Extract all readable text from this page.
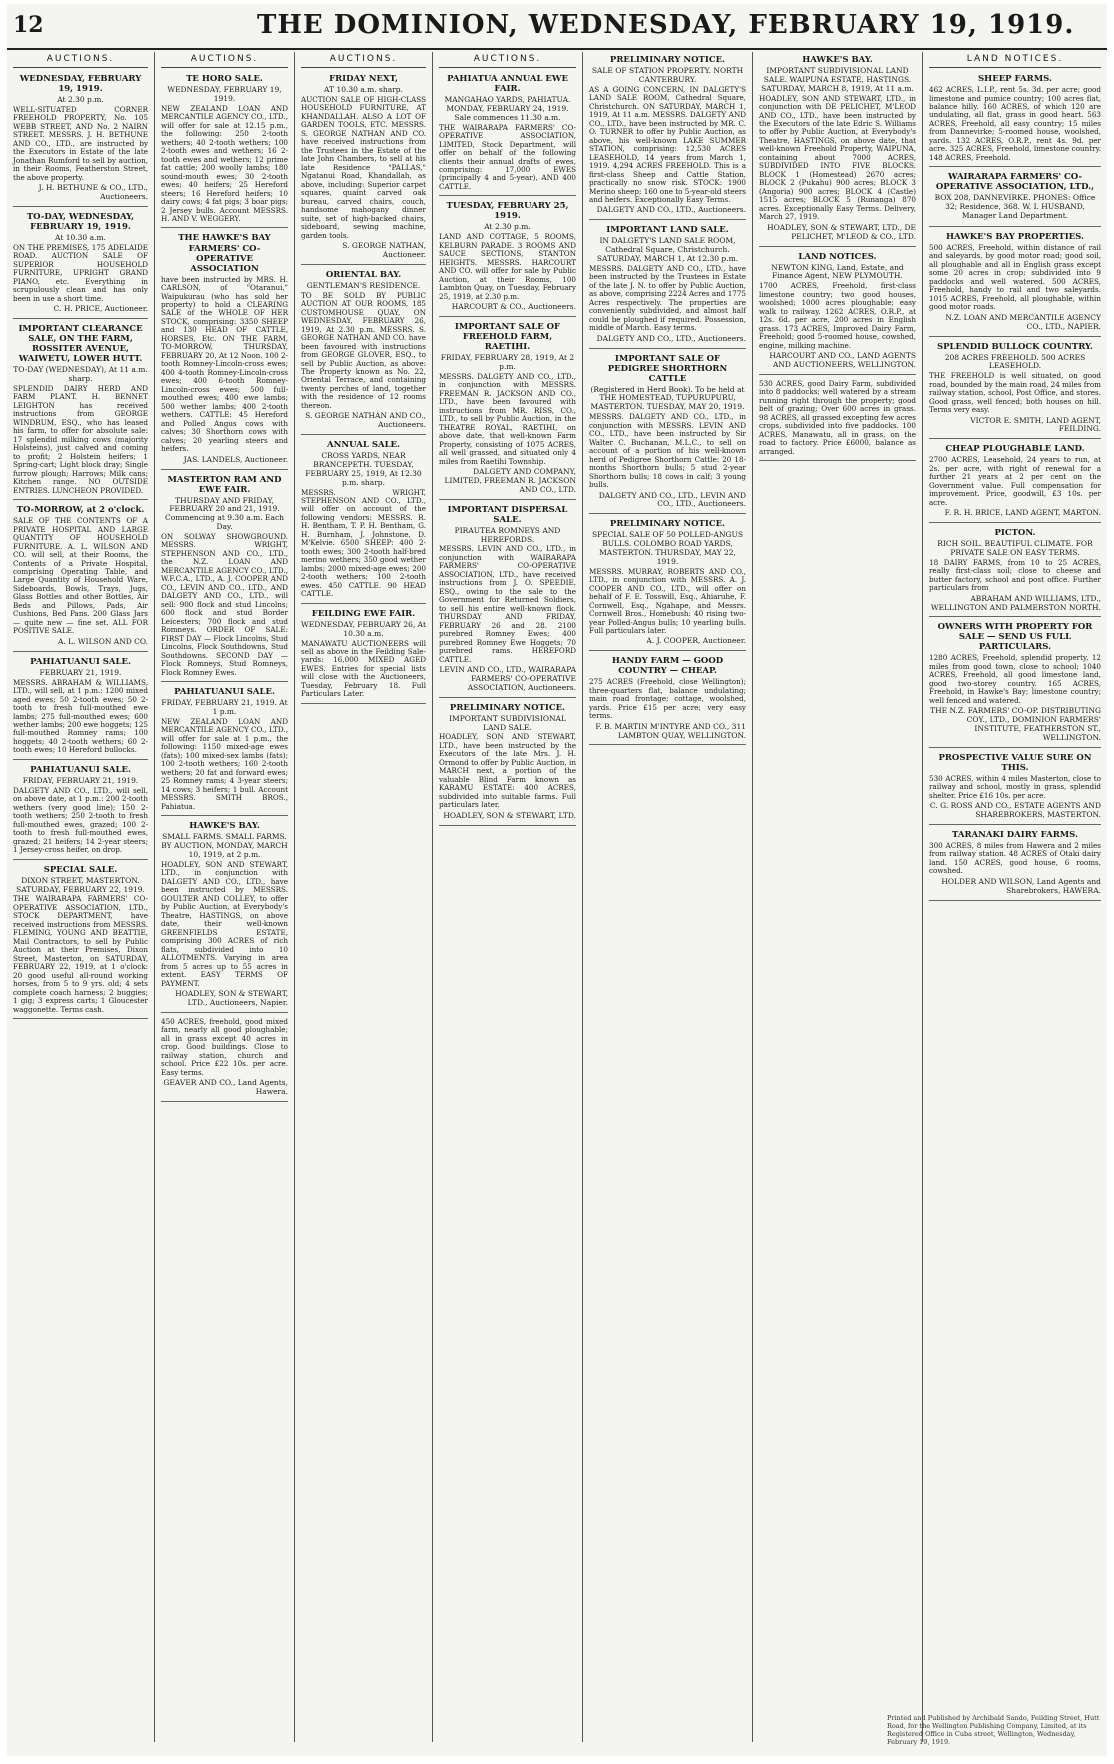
12	THE DOMINION, WEDNESDAY, FEBRUARY 19, 1919.
AUCTIONS.
WEDNESDAY, FEBRUARY 19, 1919.
At 2.30 p.m.
WELL-SITUATED CORNER FREEHOLD PROPERTY, No. 105 WEBB STREET, AND No. 2 NAIRN STREET. MESSRS. J. H. BETHUNE AND CO., LTD., are instructed by the Executors in Estate of the late Jonathan Rumford to sell by auction, in their Rooms, Featherston Street, the above property.
J. H. BETHUNE & CO., LTD., Auctioneers.
TO-DAY, WEDNESDAY, FEBRUARY 19, 1919.
At 10.30 a.m.
ON THE PREMISES, 175 ADELAIDE ROAD. AUCTION SALE OF SUPERIOR HOUSEHOLD FURNITURE, UPRIGHT GRAND PIANO, etc. Everything in scrupulously clean and has only been in use a short time.
C. H. PRICE, Auctioneer.
IMPORTANT CLEARANCE SALE, ON THE FARM, ROSSITER AVENUE, WAIWETU, LOWER HUTT.
TO-DAY (WEDNESDAY), At 11 a.m. sharp.
SPLENDID DAIRY HERD AND FARM PLANT. H. BENNET LEIGHTON has received instructions from GEORGE WINDRUM, ESQ., who has leased his farm, to offer for absolute sale: 17 splendid milking cows (majority Holsteins), just calved and coming to profit; 2 Holstein heifers; 1 Spring-cart; Light block dray; Single furrow plough; Harrows; Milk cans; Kitchen range. NO OUTSIDE ENTRIES. LUNCHEON PROVIDED.
TO-MORROW, at 2 o'clock.
SALE OF THE CONTENTS OF A PRIVATE HOSPITAL AND LARGE QUANTITY OF HOUSEHOLD FURNITURE. A. L. WILSON AND CO. will sell, at their Rooms, the Contents of a Private Hospital, comprising Operating Table, and Large Quantity of Household Ware, Sideboards, Bowls, Trays, Jugs, Glass Bottles and other Bottles, Air Beds and Pillows, Pads, Air Cushions, Bed Pans. 200 Glass Jars — quite new — fine set. ALL FOR POSITIVE SALE.
A. L. WILSON AND CO.
PAHIATUANUI SALE.
FEBRUARY 21, 1919.
MESSRS. ABRAHAM & WILLIAMS, LTD., will sell, at 1 p.m.: 1200 mixed aged ewes; 50 2-tooth ewes; 50 2-tooth to fresh full-mouthed ewe lambs; 275 full-mouthed ewes; 600 wether lambs; 200 ewe hoggets; 125 full-mouthed Romney rams; 100 hoggets; 40 2-tooth wethers; 60 2-tooth ewes; 10 Hereford bullocks.
PAHIATUANUI SALE.
FRIDAY, FEBRUARY 21, 1919.
DALGETY AND CO., LTD., will sell, on above date, at 1 p.m.: 200 2-tooth wethers (very good line); 150 2-tooth wethers; 250 2-tooth to fresh full-mouthed ewes, grazed; 100 2-tooth to fresh full-mouthed ewes, grazed; 21 heifers; 14 2-year steers; 1 Jersey-cross heifer, on drop.
SPECIAL SALE.
DIXON STREET, MASTERTON. SATURDAY, FEBRUARY 22, 1919.
THE WAIRARAPA FARMERS' CO-OPERATIVE ASSOCIATION, LTD., STOCK DEPARTMENT, have received instructions from MESSRS. FLEMING, YOUNG AND BEATTIE, Mail Contractors, to sell by Public Auction at their Premises, Dixon Street, Masterton, on SATURDAY, FEBRUARY 22, 1919, at 1 o'clock: 20 good useful all-round working horses, from 5 to 9 yrs. old; 4 sets complete coach harness; 2 buggies; 1 gig; 3 express carts; 1 Gloucester waggonette. Terms cash.
AUCTIONS.
TE HORO SALE.
WEDNESDAY, FEBRUARY 19, 1919.
NEW ZEALAND LOAN AND MERCANTILE AGENCY CO., LTD., will offer for sale at 12.15 p.m., the following: 250 2-tooth wethers; 40 2-tooth wethers; 100 2-tooth ewes and wethers; 16 2-tooth ewes and wethers; 12 prime fat cattle; 200 woolly lambs; 180 sound-mouth ewes; 30 2-tooth ewes; 40 heifers; 25 Hereford steers; 16 Hereford heifers; 10 dairy cows; 4 fat pigs; 3 boar pigs; 2 Jersey bulls. Account MESSRS. H. AND V. WEGGERY.
THE HAWKE'S BAY FARMERS' CO-OPERATIVE ASSOCIATION
have been instructed by MRS. H. CARLSON, of "Otaranui," Waipukurau (who has sold her property) to hold a CLEARING SALE of the WHOLE OF HER STOCK, comprising: 3350 SHEEP and 130 HEAD OF CATTLE, HORSES, Etc. ON THE FARM, TO-MORROW, THURSDAY, FEBRUARY 20, At 12 Noon. 100 2-tooth Romney-Lincoln-cross ewes; 400 4-tooth Romney-Lincoln-cross ewes; 400 6-tooth Romney-Lincoln-cross ewes; 500 full-mouthed ewes; 400 ewe lambs; 500 wether lambs; 400 2-tooth wethers. CATTLE: 45 Hereford and Polled Angus cows with calves; 30 Shorthorn cows with calves; 20 yearling steers and heifers.
JAS. LANDELS, Auctioneer.
MASTERTON RAM AND EWE FAIR.
THURSDAY AND FRIDAY, FEBRUARY 20 and 21, 1919. Commencing at 9.30 a.m. Each Day.
ON SOLWAY SHOWGROUND. MESSRS. WRIGHT, STEPHENSON AND CO., LTD., the N.Z. LOAN AND MERCANTILE AGENCY CO., LTD., W.F.C.A., LTD., A. J. COOPER AND CO., LEVIN AND CO., LTD., AND DALGETY AND CO., LTD., will sell: 900 flock and stud Lincolns; 600 flock and stud Border Leicesters; 700 flock and stud Romneys. ORDER OF SALE: FIRST DAY — Flock Lincolns, Stud Lincolns, Flock Southdowns, Stud Southdowns. SECOND DAY — Flock Romneys, Stud Romneys, Flock Romney Ewes.
PAHIATUANUI SALE.
FRIDAY, FEBRUARY 21, 1919. At 1 p.m.
NEW ZEALAND LOAN AND MERCANTILE AGENCY CO., LTD., will offer for sale at 1 p.m., the following: 1150 mixed-age ewes (fats); 100 mixed-sex lambs (fats); 100 2-tooth wethers; 160 2-tooth wethers; 20 fat and forward ewes; 25 Romney rams; 4 3-year steers; 14 cows; 3 heifers; 1 bull. Account MESSRS. SMITH BROS., Pahiatua.
HAWKE'S BAY.
SMALL FARMS. SMALL FARMS. BY AUCTION, MONDAY, MARCH 10, 1919, at 2 p.m.
HOADLEY, SON AND STEWART, LTD., in conjunction with DALGETY AND CO., LTD., have been instructed by MESSRS. GOULTER AND COLLEY, to offer by Public Auction, at Everybody's Theatre, HASTINGS, on above date, their well-known GREENFIELDS ESTATE, comprising 300 ACRES of rich flats, subdivided into 10 ALLOTMENTS. Varying in area from 5 acres up to 55 acres in extent. EASY TERMS OF PAYMENT.
HOADLEY, SON & STEWART, LTD., Auctioneers, Napier.
450 ACRES, freehold, good mixed farm, nearly all good ploughable; all in grass except 40 acres in crop. Good buildings. Close to railway station, church and school. Price £22 10s. per acre. Easy terms.
GEAVER AND CO., Land Agents, Hawera.
AUCTIONS.
FRIDAY NEXT,
AT 10.30 a.m. sharp.
AUCTION SALE OF HIGH-CLASS HOUSEHOLD FURNITURE, AT KHANDALLAH. ALSO A LOT OF GARDEN TOOLS, ETC. MESSRS. S. GEORGE NATHAN AND CO. have received instructions from the Trustees in the Estate of the late John Chambers, to sell at his late Residence "PALLAS," Ngatanui Road, Khandallah, as above, including: Superior carpet squares, quaint carved oak bureau, carved chairs, couch, handsome mahogany dinner suite, set of high-backed chairs, sideboard, sewing machine, garden tools.
S. GEORGE NATHAN, Auctioneer.
ORIENTAL BAY.
GENTLEMAN'S RESIDENCE.
TO BE SOLD BY PUBLIC AUCTION AT OUR ROOMS, 185 CUSTOMHOUSE QUAY, ON WEDNESDAY, FEBRUARY 26, 1919, At 2.30 p.m. MESSRS. S. GEORGE NATHAN AND CO. have been favoured with instructions from GEORGE GLOVER, ESQ., to sell by Public Auction, as above: The Property known as No. 22, Oriental Terrace, and containing twenty perches of land, together with the residence of 12 rooms thereon.
S. GEORGE NATHAN AND CO., Auctioneers.
ANNUAL SALE.
CROSS YARDS, NEAR BRANCEPETH. TUESDAY, FEBRUARY 25, 1919, At 12.30 p.m. sharp.
MESSRS. WRIGHT, STEPHENSON AND CO., LTD., will offer on account of the following vendors: MESSRS. R. H. Bentham, T. P. H. Bentham, G. H. Burnham, J. Johnstone, D. M'Kelvie. 6500 SHEEP: 400 2-tooth ewes; 300 2-tooth half-bred merino wethers; 350 good wether lambs; 2000 mixed-age ewes; 200 2-tooth wethers; 100 2-tooth ewes. 450 CATTLE. 90 HEAD CATTLE.
FEILDING EWE FAIR.
WEDNESDAY, FEBRUARY 26, At 10.30 a.m.
MANAWATU AUCTIONEERS will sell as above in the Feilding Sale-yards: 16,000 MIXED AGED EWES. Entries for special lists will close with the Auctioneers, Tuesday, February 18. Full Particulars Later.
AUCTIONS.
PAHIATUA ANNUAL EWE FAIR.
MANGAHAO YARDS, PAHIATUA. MONDAY, FEBRUARY 24, 1919. Sale commences 11.30 a.m.
THE WAIRARAPA FARMERS' CO-OPERATIVE ASSOCIATION, LIMITED, Stock Department, will offer on behalf of the following clients their annual drafts of ewes, comprising: 17,000 EWES (principally 4 and 5-year), AND 400 CATTLE.
TUESDAY, FEBRUARY 25, 1919.
At 2.30 p.m.
LAND AND COTTAGE, 5 ROOMS, KELBURN PARADE. 3 ROOMS AND SAUCE SECTIONS, STANTON HEIGHTS. MESSRS. HARCOURT AND CO. will offer for sale by Public Auction, at their Rooms, 100 Lambton Quay, on Tuesday, February 25, 1919, at 2.30 p.m.
HARCOURT & CO., Auctioneers.
IMPORTANT SALE OF FREEHOLD FARM, RAETIHI.
FRIDAY, FEBRUARY 28, 1919, At 2 p.m.
MESSRS. DALGETY AND CO., LTD., in conjunction with MESSRS. FREEMAN R. JACKSON AND CO., LTD., have been favoured with instructions from MR. RISS, CO., LTD., to sell by Public Auction, in the THEATRE ROYAL, RAETIHI, on above date, that well-known Farm Property, consisting of 1075 ACRES, all well grassed, and situated only 4 miles from Raetihi Township.
DALGETY AND COMPANY, LIMITED, FREEMAN R. JACKSON AND CO., LTD.
IMPORTANT DISPERSAL SALE.
PIRAUTEA ROMNEYS AND HEREFORDS.
MESSRS. LEVIN AND CO., LTD., in conjunction with WAIRARAPA FARMERS' CO-OPERATIVE ASSOCIATION, LTD., have received instructions from J. O. SPEEDIE, ESQ., owing to the sale to the Government for Returned Soldiers, to sell his entire well-known flock. THURSDAY AND FRIDAY, FEBRUARY 26 and 28. 2100 purebred Romney Ewes; 400 purebred Romney Ewe Hoggets; 70 purebred rams. HEREFORD CATTLE.
LEVIN AND CO., LTD., WAIRARAPA FARMERS' CO-OPERATIVE ASSOCIATION, Auctioneers.
PRELIMINARY NOTICE.
IMPORTANT SUBDIVISIONAL LAND SALE.
HOADLEY, SON AND STEWART, LTD., have been instructed by the Executors of the late Mrs. J. H. Ormond to offer by Public Auction, in MARCH next, a portion of the valuable Blind Farm known as KARAMU ESTATE: 400 ACRES, subdivided into suitable farms. Full particulars later.
HOADLEY, SON & STEWART, LTD.
PRELIMINARY NOTICE.
SALE OF STATION PROPERTY. NORTH CANTERBURY.
AS A GOING CONCERN, IN DALGETY'S LAND SALE ROOM, Cathedral Square, Christchurch. ON SATURDAY, MARCH 1, 1919, At 11 a.m. MESSRS. DALGETY AND CO., LTD., have been instructed by MR. C. O. TURNER to offer by Public Auction, as above, his well-known LAKE SUMMER STATION, comprising: 12,530 ACRES LEASEHOLD, 14 years from March 1, 1919. 4,294 ACRES FREEHOLD. This is a first-class Sheep and Cattle Station, practically no snow risk. STOCK: 1900 Merino sheep; 160 one to 5-year-old steers and heifers. Exceptionally Easy Terms.
DALGETY AND CO., LTD., Auctioneers.
IMPORTANT LAND SALE.
IN DALGETY'S LAND SALE ROOM, Cathedral Square, Christchurch. SATURDAY, MARCH 1, At 12.30 p.m.
MESSRS. DALGETY AND CO., LTD., have been instructed by the Trustees in Estate of the late J. N. to offer by Public Auction, as above, comprising 2224 Acres and 1775 Acres respectively. The properties are conveniently subdivided, and almost half could be ploughed if required. Possession, middle of March. Easy terms.
DALGETY AND CO., LTD., Auctioneers.
IMPORTANT SALE OF PEDIGREE SHORTHORN CATTLE
(Registered in Herd Book). To be held at THE HOMESTEAD, TUPURUPURU, MASTERTON. TUESDAY, MAY 20, 1919.
MESSRS. DALGETY AND CO., LTD., in conjunction with MESSRS. LEVIN AND CO., LTD., have been instructed by Sir Walter C. Buchanan, M.L.C., to sell on account of a portion of his well-known herd of Pedigree Shorthorn Cattle: 20 18-months Shorthorn bulls; 5 stud 2-year Shorthorn bulls; 18 cows in calf; 3 young bulls.
DALGETY AND CO., LTD., LEVIN AND CO., LTD., Auctioneers.
PRELIMINARY NOTICE.
SPECIAL SALE OF 50 POLLED-ANGUS BULLS. COLOMBO ROAD YARDS, MASTERTON. THURSDAY, MAY 22, 1919.
MESSRS. MURRAY, ROBERTS AND CO., LTD., in conjunction with MESSRS. A. J. COOPER AND CO., LTD., will offer on behalf of F. E. Tosswill, Esq., Ahiaruhe, F. Cornwell, Esq., Ngahape, and Messrs. Cornwell Bros., Homebush: 40 rising two-year Polled-Angus bulls; 10 yearling bulls. Full particulars later.
A. J. COOPER, Auctioneer.
HANDY FARM — GOOD COUNTRY — CHEAP.
275 ACRES (Freehold, close Wellington); three-quarters flat, balance undulating; main road frontage; cottage, woolshed, yards. Price £15 per acre; very easy terms.
F. B. MARTIN M'INTYRE AND CO., 311 LAMBTON QUAY, WELLINGTON.
HAWKE'S BAY.
IMPORTANT SUBDIVISIONAL LAND SALE. WAIPUNA ESTATE, HASTINGS. SATURDAY, MARCH 8, 1919, At 11 a.m.
HOADLEY, SON AND STEWART, LTD., in conjunction with DE PELICHET, M'LEOD AND CO., LTD., have been instructed by the Executors of the late Edric S. Williams to offer by Public Auction, at Everybody's Theatre, HASTINGS, on above date, that well-known Freehold Property, WAIPUNA, containing about 7000 ACRES, SUBDIVIDED INTO FIVE BLOCKS. BLOCK 1 (Homestead) 2670 acres; BLOCK 2 (Pukahu) 900 acres; BLOCK 3 (Angoria) 900 acres; BLOCK 4 (Castle) 1515 acres; BLOCK 5 (Runanga) 870 acres. Exceptionally Easy Terms. Delivery, March 27, 1919.
HOADLEY, SON & STEWART, LTD., DE PELICHET, M'LEOD & CO., LTD.
LAND NOTICES.
NEWTON KING, Land, Estate, and Finance Agent, NEW PLYMOUTH.
1700 ACRES, Freehold, first-class limestone country; two good houses, woolshed; 1000 acres ploughable; easy walk to railway. 1262 ACRES, O.R.P., at 12s. 6d. per acre, 200 acres in English grass. 173 ACRES, Improved Dairy Farm, Freehold; good 5-roomed house, cowshed, engine, milking machine.
HARCOURT AND CO., LAND AGENTS AND AUCTIONEERS, WELLINGTON.
530 ACRES, good Dairy Farm, subdivided into 8 paddocks; well watered by a stream running right through the property; good belt of grazing; Over 600 acres in grass. 98 ACRES, all grassed excepting few acres crops, subdivided into five paddocks. 100 ACRES, Manawatu, all in grass, on the road to factory. Price £6000, balance as arranged.
LAND NOTICES.
SHEEP FARMS.
462 ACRES, L.I.P., rent 5s. 3d. per acre; good limestone and pumice country; 100 acres flat, balance hilly. 160 ACRES, of which 120 are undulating, all flat, grass in good heart. 563 ACRES, Freehold, all easy country; 15 miles from Dannevirke; 5-roomed house, woolshed, yards. 132 ACRES, O.R.P., rent 4s. 9d. per acre. 325 ACRES, Freehold, limestone country. 148 ACRES, Freehold.
WAIRARAPA FARMERS' CO-OPERATIVE ASSOCIATION, LTD.,
BOX 208, DANNEVIRKE. PHONES: Office 32; Residence, 368. W. I. HUSBAND, Manager Land Department.
HAWKE'S BAY PROPERTIES.
500 ACRES, Freehold, within distance of rail and saleyards, by good motor road; good soil, all ploughable and all in English grass except some 20 acres in crop; subdivided into 9 paddocks and well watered. 500 ACRES, Freehold, handy to rail and two saleyards. 1015 ACRES, Freehold, all ploughable, within good motor roads.
N.Z. LOAN AND MERCANTILE AGENCY CO., LTD., NAPIER.
SPLENDID BULLOCK COUNTRY.
208 ACRES FREEHOLD. 500 ACRES LEASEHOLD.
THE FREEHOLD is well situated, on good road, bounded by the main road, 24 miles from railway station, school, Post Office, and stores. Good grass, well fenced; both houses on hill. Terms very easy.
VICTOR E. SMITH, LAND AGENT, FEILDING.
CHEAP PLOUGHABLE LAND.
2700 ACRES, Leasehold, 24 years to run, at 2s. per acre, with right of renewal for a further 21 years at 2 per cent on the Government value. Full compensation for improvement. Price, goodwill, £3 10s. per acre.
F. R. H. BRICE, LAND AGENT, MARTON.
PICTON.
RICH SOIL. BEAUTIFUL CLIMATE. FOR PRIVATE SALE ON EASY TERMS.
18 DAIRY FARMS, from 10 to 25 ACRES, really first-class soil; close to cheese and butter factory, school and post office. Further particulars from
ABRAHAM AND WILLIAMS, LTD., WELLINGTON AND PALMERSTON NORTH.
OWNERS WITH PROPERTY FOR SALE — SEND US FULL PARTICULARS.
1280 ACRES, Freehold, splendid property, 12 miles from good town, close to school; 1040 ACRES, Freehold, all good limestone land, good two-storey country. 165 ACRES, Freehold, in Hawke's Bay; limestone country; well fenced and watered.
THE N.Z. FARMERS' CO-OP. DISTRIBUTING COY., LTD., DOMINION FARMERS' INSTITUTE, FEATHERSTON ST., WELLINGTON.
PROSPECTIVE VALUE SURE ON THIS.
530 ACRES, within 4 miles Masterton, close to railway and school, mostly in grass, splendid shelter. Price £16 10s. per acre.
C. G. ROSS AND CO., ESTATE AGENTS AND SHAREBROKERS, MASTERTON.
TARANAKI DAIRY FARMS.
300 ACRES, 8 miles from Hawera and 2 miles from railway station. 48 ACRES of Otaki dairy land. 150 ACRES, good house, 6 rooms, cowshed.
HOLDER AND WILSON, Land Agents and Sharebrokers, HAWERA.
Printed and Published by Archibald Sando, Feilding Street, Hutt Road, for the Wellington Publishing Company, Limited, at its Registered Office in Cuba street, Wellington, Wednesday, February 19, 1919.
